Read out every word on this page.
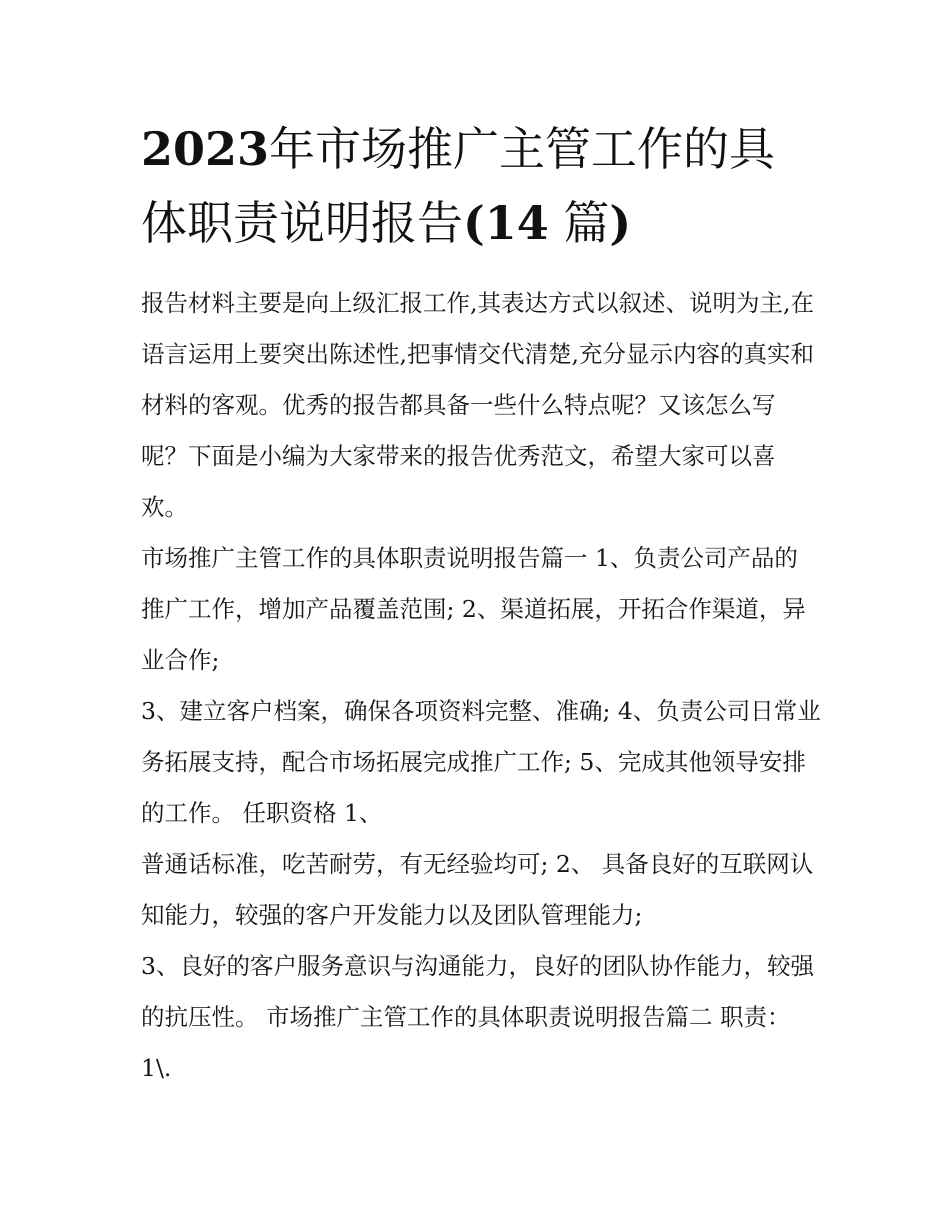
2023年市场推广主管工作的具体职责说明报告(14 篇)

报告材料主要是向上级汇报工作,其表达方式以叙述、说明为主,在语言运用上要突出陈述性,把事情交代清楚,充分显示内容的真实和材料的客观。优秀的报告都具备一些什么特点呢？又该怎么写呢？下面是小编为大家带来的报告优秀范文，希望大家可以喜欢。

市场推广主管工作的具体职责说明报告篇一 1、负责公司产品的推广工作，增加产品覆盖范围; 2、渠道拓展，开拓合作渠道，异业合作;

3、建立客户档案，确保各项资料完整、准确; 4、负责公司日常业务拓展支持，配合市场拓展完成推广工作; 5、完成其他领导安排的工作。 任职资格 1、

普通话标准，吃苦耐劳，有无经验均可; 2、 具备良好的互联网认知能力，较强的客户开发能力以及团队管理能力;

3、良好的客户服务意识与沟通能力，良好的团队协作能力，较强的抗压性。 市场推广主管工作的具体职责说明报告篇二 职责： 1\.
